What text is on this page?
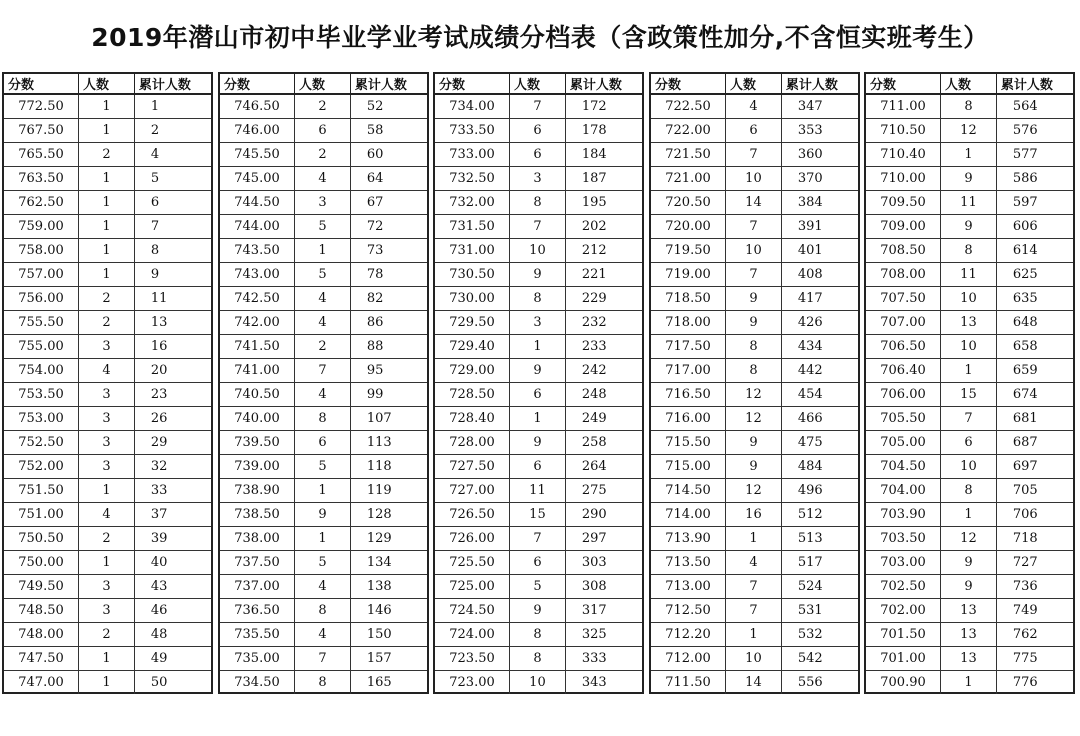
2019年潜山市初中毕业学业考试成绩分档表（含政策性加分,不含恒实班考生）
分数	人数	累计人数
772.50	1	1
767.50	1	2
765.50	2	4
763.50	1	5
762.50	1	6
759.00	1	7
758.00	1	8
757.00	1	9
756.00	2	11
755.50	2	13
755.00	3	16
754.00	4	20
753.50	3	23
753.00	3	26
752.50	3	29
752.00	3	32
751.50	1	33
751.00	4	37
750.50	2	39
750.00	1	40
749.50	3	43
748.50	3	46
748.00	2	48
747.50	1	49
747.00	1	50
分数	人数	累计人数
746.50	2	52
746.00	6	58
745.50	2	60
745.00	4	64
744.50	3	67
744.00	5	72
743.50	1	73
743.00	5	78
742.50	4	82
742.00	4	86
741.50	2	88
741.00	7	95
740.50	4	99
740.00	8	107
739.50	6	113
739.00	5	118
738.90	1	119
738.50	9	128
738.00	1	129
737.50	5	134
737.00	4	138
736.50	8	146
735.50	4	150
735.00	7	157
734.50	8	165
分数	人数	累计人数
734.00	7	172
733.50	6	178
733.00	6	184
732.50	3	187
732.00	8	195
731.50	7	202
731.00	10	212
730.50	9	221
730.00	8	229
729.50	3	232
729.40	1	233
729.00	9	242
728.50	6	248
728.40	1	249
728.00	9	258
727.50	6	264
727.00	11	275
726.50	15	290
726.00	7	297
725.50	6	303
725.00	5	308
724.50	9	317
724.00	8	325
723.50	8	333
723.00	10	343
分数	人数	累计人数
722.50	4	347
722.00	6	353
721.50	7	360
721.00	10	370
720.50	14	384
720.00	7	391
719.50	10	401
719.00	7	408
718.50	9	417
718.00	9	426
717.50	8	434
717.00	8	442
716.50	12	454
716.00	12	466
715.50	9	475
715.00	9	484
714.50	12	496
714.00	16	512
713.90	1	513
713.50	4	517
713.00	7	524
712.50	7	531
712.20	1	532
712.00	10	542
711.50	14	556
分数	人数	累计人数
711.00	8	564
710.50	12	576
710.40	1	577
710.00	9	586
709.50	11	597
709.00	9	606
708.50	8	614
708.00	11	625
707.50	10	635
707.00	13	648
706.50	10	658
706.40	1	659
706.00	15	674
705.50	7	681
705.00	6	687
704.50	10	697
704.00	8	705
703.90	1	706
703.50	12	718
703.00	9	727
702.50	9	736
702.00	13	749
701.50	13	762
701.00	13	775
700.90	1	776
